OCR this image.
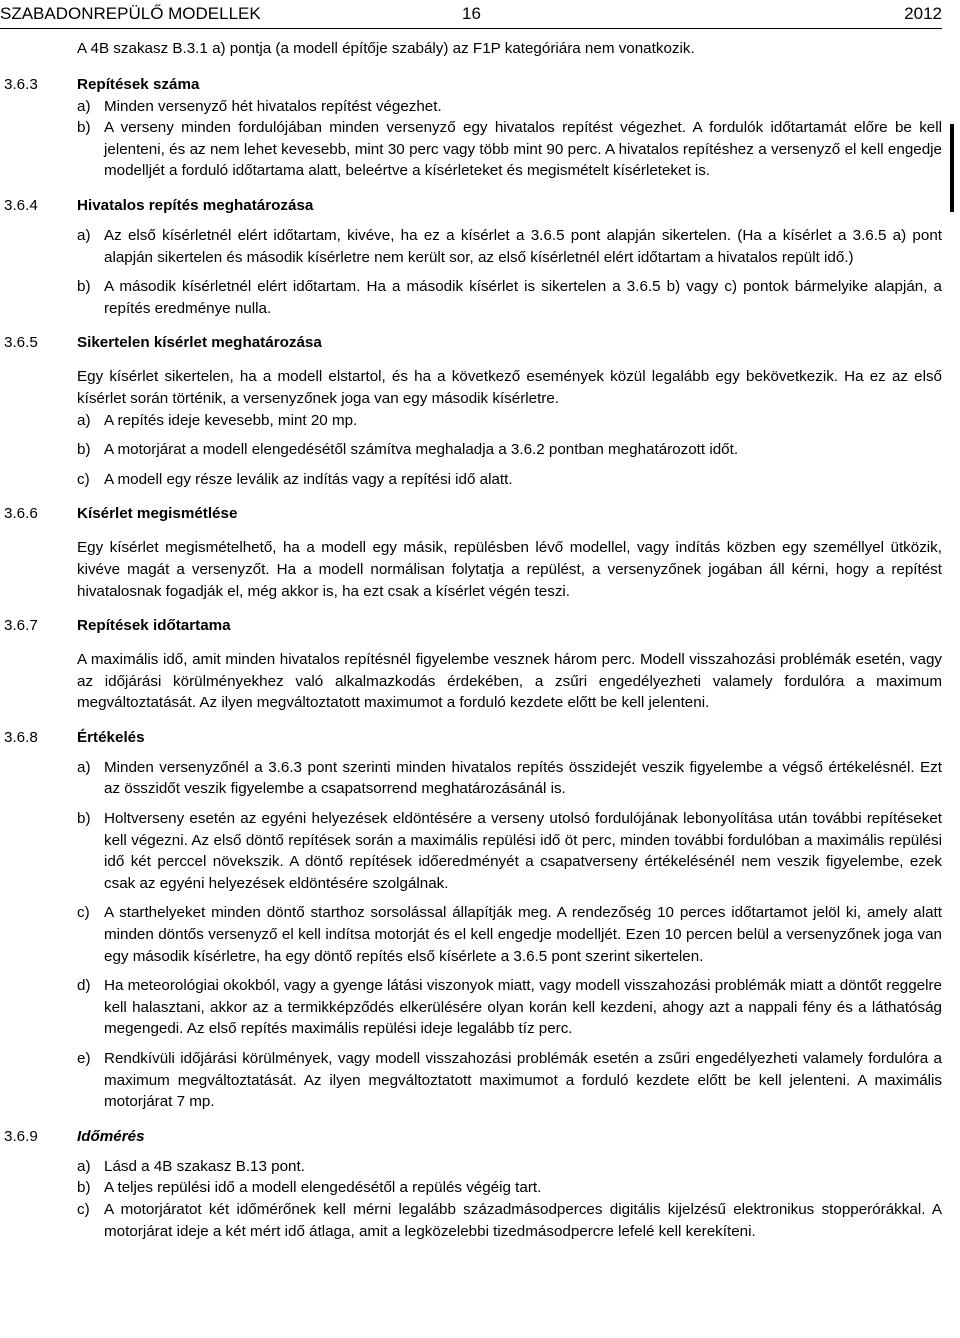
SZABADONREPÜLŐ MODELLEK	16	2012

A 4B szakasz B.3.1 a) pontja (a modell építője szabály) az F1P kategóriára nem vonatkozik.

3.6.3	Repítések száma
a) Minden versenyző hét hivatalos repítést végezhet.

b) A verseny minden fordulójában minden versenyző egy hivatalos repítést végezhet. A fordulók időtartamát előre be kell jelenteni, és az nem lehet kevesebb, mint 30 perc vagy több mint 90 perc. A hivatalos repítéshez a versenyző el kell engedje modelljét a forduló időtartama alatt, beleértve a kísérleteket és megismételt kísérleteket is.

3.6.4	Hivatalos repítés meghatározása
a) Az első kísérletnél elért időtartam, kivéve, ha ez a kísérlet a 3.6.5 pont alapján sikertelen. (Ha a kísérlet a 3.6.5 a) pont alapján sikertelen és második kísérletre nem került sor, az első kísérletnél elért időtartam a hivatalos repült idő.)

b) A második kísérletnél elért időtartam. Ha a második kísérlet is sikertelen a 3.6.5 b) vagy c) pontok bármelyike alapján, a repítés eredménye nulla.

3.6.5	Sikertelen kísérlet meghatározása

Egy kísérlet sikertelen, ha a modell elstartol, és ha a következő események közül legalább egy bekövetkezik. Ha ez az első kísérlet során történik, a versenyzőnek joga van egy második kísérletre.

a) A repítés ideje kevesebb, mint 20 mp.

b) A motorjárat a modell elengedésétől számítva meghaladja a 3.6.2 pontban meghatározott időt.

c) A modell egy része leválik az indítás vagy a repítési idő alatt.

3.6.6	Kísérlet megismétlése

Egy kísérlet megismételhető, ha a modell egy másik, repülésben lévő modellel, vagy indítás közben egy személlyel ütközik, kivéve magát a versenyzőt. Ha a modell normálisan folytatja a repülést, a versenyzőnek jogában áll kérni, hogy a repítést hivatalosnak fogadják el, még akkor is, ha ezt csak a kísérlet végén teszi.

3.6.7	Repítések időtartama

A maximális idő, amit minden hivatalos repítésnél figyelembe vesznek három perc. Modell visszahozási problémák esetén, vagy az időjárási körülményekhez való alkalmazkodás érdekében, a zsűri engedélyezheti valamely fordulóra a maximum megváltoztatását. Az ilyen megváltoztatott maximumot a forduló kezdete előtt be kell jelenteni.

3.6.8	Értékelés
a) Minden versenyzőnél a 3.6.3 pont szerinti minden hivatalos repítés összidejét veszik figyelembe a végső értékelésnél. Ezt az összidőt veszik figyelembe a csapatsorrend meghatározásánál is.

b) Holtverseny esetén az egyéni helyezések eldöntésére a verseny utolsó fordulójának lebonyolítása után további repítéseket kell végezni. Az első döntő repítések során a maximális repülési idő öt perc, minden további fordulóban a maximális repülési idő két perccel növekszik. A döntő repítések időeredményét a csapatverseny értékelésénél nem veszik figyelembe, ezek csak az egyéni helyezések eldöntésére szolgálnak.

c) A starthelyeket minden döntő starthoz sorsolással állapítják meg. A rendezőség 10 perces időtartamot jelöl ki, amely alatt minden döntős versenyző el kell indítsa motorját és el kell engedje modelljét. Ezen 10 percen belül a versenyzőnek joga van egy második kísérletre, ha egy döntő repítés első kísérlete a 3.6.5 pont szerint sikertelen.

d) Ha meteorológiai okokból, vagy a gyenge látási viszonyok miatt, vagy modell visszahozási problémák miatt a döntőt reggelre kell halasztani, akkor az a termikképződés elkerülésére olyan korán kell kezdeni, ahogy azt a nappali fény és a láthatóság megengedi. Az első repítés maximális repülési ideje legalább tíz perc.

e) Rendkívüli időjárási körülmények, vagy modell visszahozási problémák esetén a zsűri engedélyezheti valamely fordulóra a maximum megváltoztatását. Az ilyen megváltoztatott maximumot a forduló kezdete előtt be kell jelenteni. A maximális motorjárat 7 mp.

3.6.9	Időmérés
a) Lásd a 4B szakasz B.13 pont.

b) A teljes repülési idő a modell elengedésétől a repülés végéig tart.

c) A motorjáratot két időmérőnek kell mérni legalább századmásodperces digitális kijelzésű elektronikus stopperórákkal. A motorjárat ideje a két mért idő átlaga, amit a legközelebbi tizedmásodpercre lefelé kell kerekíteni.
